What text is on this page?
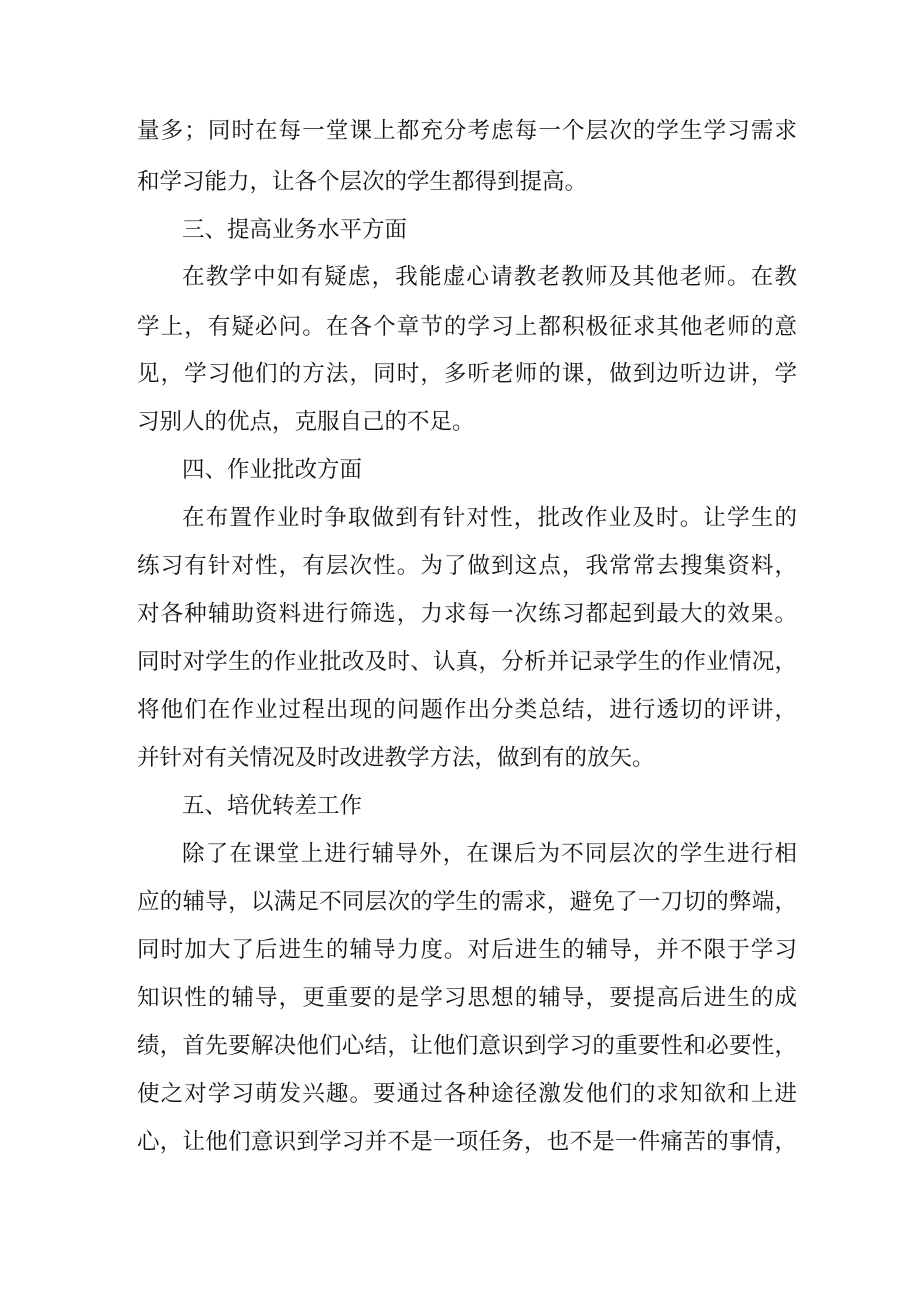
量多；同时在每一堂课上都充分考虑每一个层次的学生学习需求

和学习能力，让各个层次的学生都得到提高。

三、提高业务水平方面

在教学中如有疑虑，我能虚心请教老教师及其他老师。在教

学上，有疑必问。在各个章节的学习上都积极征求其他老师的意

见，学习他们的方法，同时，多听老师的课，做到边听边讲，学

习别人的优点，克服自己的不足。

四、作业批改方面

在布置作业时争取做到有针对性，批改作业及时。让学生的

练习有针对性，有层次性。为了做到这点，我常常去搜集资料，

对各种辅助资料进行筛选，力求每一次练习都起到最大的效果。

同时对学生的作业批改及时、认真，分析并记录学生的作业情况，

将他们在作业过程出现的问题作出分类总结，进行透切的评讲，

并针对有关情况及时改进教学方法，做到有的放矢。

五、培优转差工作

除了在课堂上进行辅导外，在课后为不同层次的学生进行相

应的辅导，以满足不同层次的学生的需求，避免了一刀切的弊端，

同时加大了后进生的辅导力度。对后进生的辅导，并不限于学习

知识性的辅导，更重要的是学习思想的辅导，要提高后进生的成

绩，首先要解决他们心结，让他们意识到学习的重要性和必要性，

使之对学习萌发兴趣。要通过各种途径激发他们的求知欲和上进

心，让他们意识到学习并不是一项任务，也不是一件痛苦的事情，
